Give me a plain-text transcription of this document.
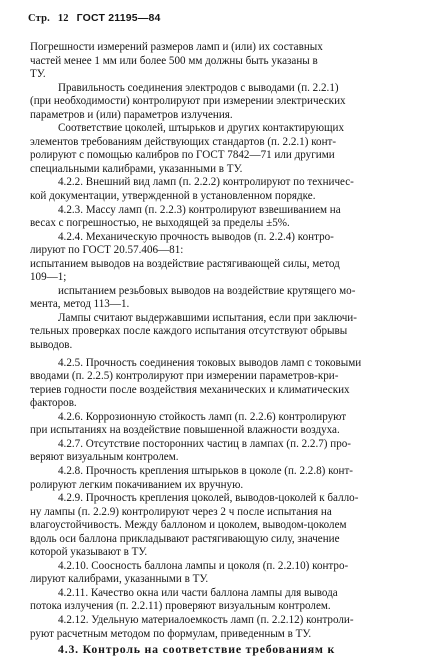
Стр. 12 ГОСТ 21195—84
Погрешности измерений размеров ламп и (или) их составных
частей менее 1 мм или более 500 мм должны быть указаны в
ТУ.
Правильность соединения электродов с выводами (п. 2.2.1)
(при необходимости) контролируют при измерении электрических
параметров и (или) параметров излучения.
Соответствие цоколей, штырьков и других контактирующих
элементов требованиям действующих стандартов (п. 2.2.1) конт-
ролируют с помощью калибров по ГОСТ 7842—71 или другими
специальными калибрами, указанными в ТУ.
4.2.2. Внешний вид ламп (п. 2.2.2) контролируют по техничес-
кой документации, утвержденной в установленном порядке.
4.2.3. Массу ламп (п. 2.2.3) контролируют взвешиванием на
весах с погрешностью, не выходящей за пределы ±5%.
4.2.4. Механическую прочность выводов (п. 2.2.4) контро-
лируют по ГОСТ 20.57.406—81:
испытанием выводов на воздействие растягивающей силы, метод
109—1;
испытанием резьбовых выводов на воздействие крутящего мо-
мента, метод 113—1.
Лампы считают выдержавшими испытания, если при заключи-
тельных проверках после каждого испытания отсутствуют обрывы
выводов.
4.2.5. Прочность соединения токовых выводов ламп с токовыми
вводами (п. 2.2.5) контролируют при измерении параметров-кри-
териев годности после воздействия механических и климатических
факторов.
4.2.6. Коррозионную стойкость ламп (п. 2.2.6) контролируют
при испытаниях на воздействие повышенной влажности воздуха.
4.2.7. Отсутствие посторонних частиц в лампах (п. 2.2.7) про-
веряют визуальным контролем.
4.2.8. Прочность крепления штырьков в цоколе (п. 2.2.8) конт-
ролируют легким покачиванием их вручную.
4.2.9. Прочность крепления цоколей, выводов-цоколей к балло-
ну лампы (п. 2.2.9) контролируют через 2 ч после испытания на
влагоустойчивость. Между баллоном и цоколем, выводом-цоколем
вдоль оси баллона прикладывают растягивающую силу, значение
которой указывают в ТУ.
4.2.10. Соосность баллона лампы и цоколя (п. 2.2.10) контро-
лируют калибрами, указанными в ТУ.
4.2.11. Качество окна или части баллона лампы для вывода
потока излучения (п. 2.2.11) проверяют визуальным контролем.
4.2.12. Удельную материалоемкость ламп (п. 2.2.12) контроли-
руют расчетным методом по формулам, приведенным в ТУ.
4.3. Контроль на соответствие требованиям к
